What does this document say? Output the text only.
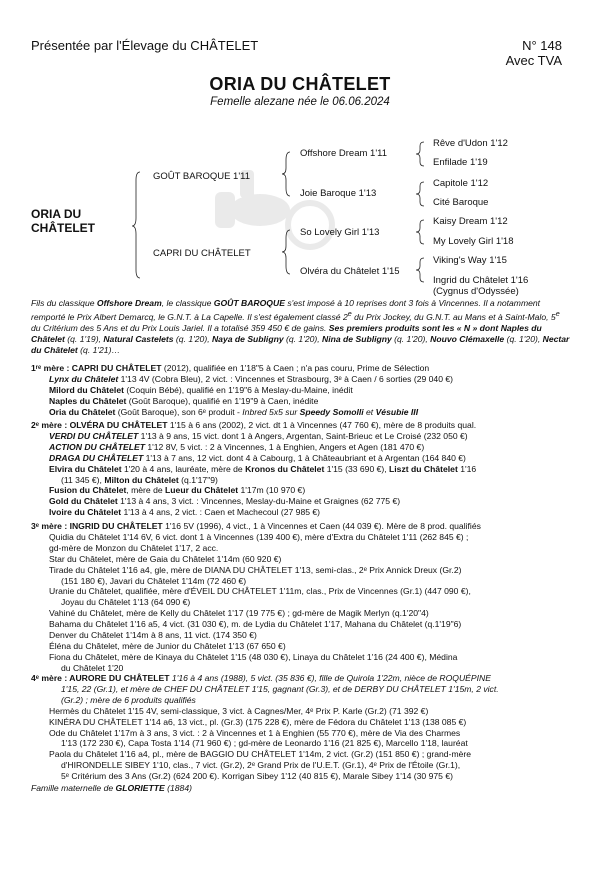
Présentée par l'Élevage du CHÂTELET	N° 148
Avec TVA
ORIA DU CHÂTELET
Femelle alezane née le 06.06.2024
ORIA DU
CHÂTELET
GOÛT BAROQUE 1'11
CAPRI DU CHÂTELET
Offshore Dream 1'11
Joie Baroque 1'13
So Lovely Girl 1'13
Olvéra du Châtelet 1'15
Rêve d'Udon 1'12
Enfilade 1'19
Capitole 1'12
Cité Baroque
Kaisy Dream 1'12
My Lovely Girl 1'18
Viking's Way 1'15
Ingrid du Châtelet 1'16
(Cygnus d'Odyssée)

Fils du classique Offshore Dream, le classique GOÛT BAROQUE s'est imposé à 10 reprises dont 3 fois à Vincennes. Il a notamment remporté le Prix Albert Demarcq, le G.N.T. à La Capelle. Il s'est également classé 2e du Prix Jockey, du G.N.T. au Mans et à Saint-Malo, 5e du Critérium des 5 Ans et du Prix Louis Jariel. Il a totalisé 359 450 € de gains. Ses premiers produits sont les « N » dont Naples du Châtelet (q. 1'19), Natural Castelets (q. 1'20), Naya de Subligny (q. 1'20), Nina de Subligny (q. 1'20), Nouvo Clémaxelle (q. 1'20), Nectar du Châtelet (q. 1'21)…

1ʳᵉ mère : CAPRI DU CHÂTELET (2012), qualifiée en 1'18"5 à Caen ; n'a pas couru, Prime de Sélection

Lynx du Châtelet 1'13 4V (Cobra Bleu), 2 vict. : Vincennes et Strasbourg, 3ᵉ à Caen / 6 sorties (29 040 €)

Milord du Châtelet (Coquin Bébé), qualifié en 1'19"6 à Meslay-du-Maine, inédit

Naples du Châtelet (Goût Baroque), qualifié en 1'19"9 à Caen, inédite

Oria du Châtelet (Goût Baroque), son 6ᵉ produit - Inbred 5x5 sur Speedy Somolli et Vésubie III

2ᵉ mère : OLVÉRA DU CHÂTELET 1'15 à 6 ans (2002), 2 vict. dt 1 à Vincennes (47 760 €), mère de 8 produits qual.

VERDI DU CHÂTELET 1'13 à 9 ans, 15 vict. dont 1 à Angers, Argentan, Saint-Brieuc et Le Croisé (232 050 €)

ACTION DU CHÂTELET 1'12 8V, 5 vict. : 2 à Vincennes, 1 à Enghien, Angers et Agen (181 470 €)

DRAGA DU CHÂTELET 1'13 à 7 ans, 12 vict. dont 4 à Cabourg, 1 à Châteaubriant et à Argentan (164 840 €)

Elvira du Châtelet 1'20 à 4 ans, lauréate, mère de Kronos du Châtelet 1'15 (33 690 €), Liszt du Châtelet 1'16

(11 345 €), Milton du Châtelet (q.1'17"9)

Fusion du Châtelet, mère de Lueur du Châtelet 1'17m (10 970 €)

Gold du Châtelet 1'13 à 4 ans, 3 vict. : Vincennes, Meslay-du-Maine et Graignes (62 775 €)

Ivoire du Châtelet 1'13 à 4 ans, 2 vict. : Caen et Machecoul (27 985 €)

3ᵉ mère : INGRID DU CHÂTELET 1'16 5V (1996), 4 vict., 1 à Vincennes et Caen (44 039 €). Mère de 8 prod. qualifiés

Quidia du Châtelet 1'14 6V, 6 vict. dont 1 à Vincennes (139 400 €), mère d'Extra du Châtelet 1'11 (262 845 €) ;

gd-mère de Monzon du Châtelet 1'17, 2 acc.

Star du Châtelet, mère de Gaia du Châtelet 1'14m (60 920 €)

Tirade du Châtelet 1'16 a4, gle, mère de DIANA DU CHÂTELET 1'13, semi-clas., 2ᵉ Prix Annick Dreux (Gr.2)

(151 180 €), Javari du Châtelet 1'14m (72 460 €)

Uranie du Châtelet, qualifiée, mère d'ÉVEIL DU CHÂTELET 1'11m, clas., Prix de Vincennes (Gr.1) (447 090 €),

Joyau du Châtelet 1'13 (64 090 €)

Vahiné du Châtelet, mère de Kelly du Châtelet 1'17 (19 775 €) ; gd-mère de Magik Merlyn (q.1'20"4)

Bahama du Châtelet 1'16 a5, 4 vict. (31 030 €), m. de Lydia du Châtelet 1'17, Mahana du Châtelet (q.1'19"6)

Denver du Châtelet 1'14m à 8 ans, 11 vict. (174 350 €)

Éléna du Châtelet, mère de Junior du Châtelet 1'13 (67 650 €)

Fiona du Châtelet, mère de Kinaya du Châtelet 1'15 (48 030 €), Linaya du Châtelet 1'16 (24 400 €), Médina

du Châtelet 1'20

4ᵉ mère : AURORE DU CHÂTELET 1'16 à 4 ans (1988), 5 vict. (35 836 €), fille de Quirola 1'22m, nièce de ROQUÉPINE

1'15, 22 (Gr.1), et mère de CHEF DU CHÂTELET 1'15, gagnant (Gr.3), et de DERBY DU CHÂTELET 1'15m, 2 vict.

(Gr.2) ; mère de 6 produits qualifiés

Hermès du Châtelet 1'15 4V, semi-classique, 3 vict. à Cagnes/Mer, 4ᵉ Prix P. Karle (Gr.2) (71 392 €)

KINÉRA DU CHÂTELET 1'14 a6, 13 vict., pl. (Gr.3) (175 228 €), mère de Fédora du Châtelet 1'13 (138 085 €)

Ode du Châtelet 1'17m à 3 ans, 3 vict. : 2 à Vincennes et 1 à Enghien (55 770 €), mère de Via des Charmes

1'13 (172 230 €), Capa Tosta 1'14 (71 960 €) ; gd-mère de Leonardo 1'16 (21 825 €), Marcello 1'18, lauréat

Paola du Châtelet 1'16 a4, pl., mère de BAGGIO DU CHÂTELET 1'14m, 2 vict. (Gr.2) (151 850 €) ; grand-mère

d'HIRONDELLE SIBEY 1'10, clas., 7 vict. (Gr.2), 2ᵉ Grand Prix de l'U.E.T. (Gr.1), 4ᵉ Prix de l'Étoile (Gr.1),

5ᵉ Critérium des 3 Ans (Gr.2) (624 200 €). Korrigan Sibey 1'12 (40 815 €), Marale Sibey 1'14 (30 975 €)

Famille maternelle de GLORIETTE (1884)
